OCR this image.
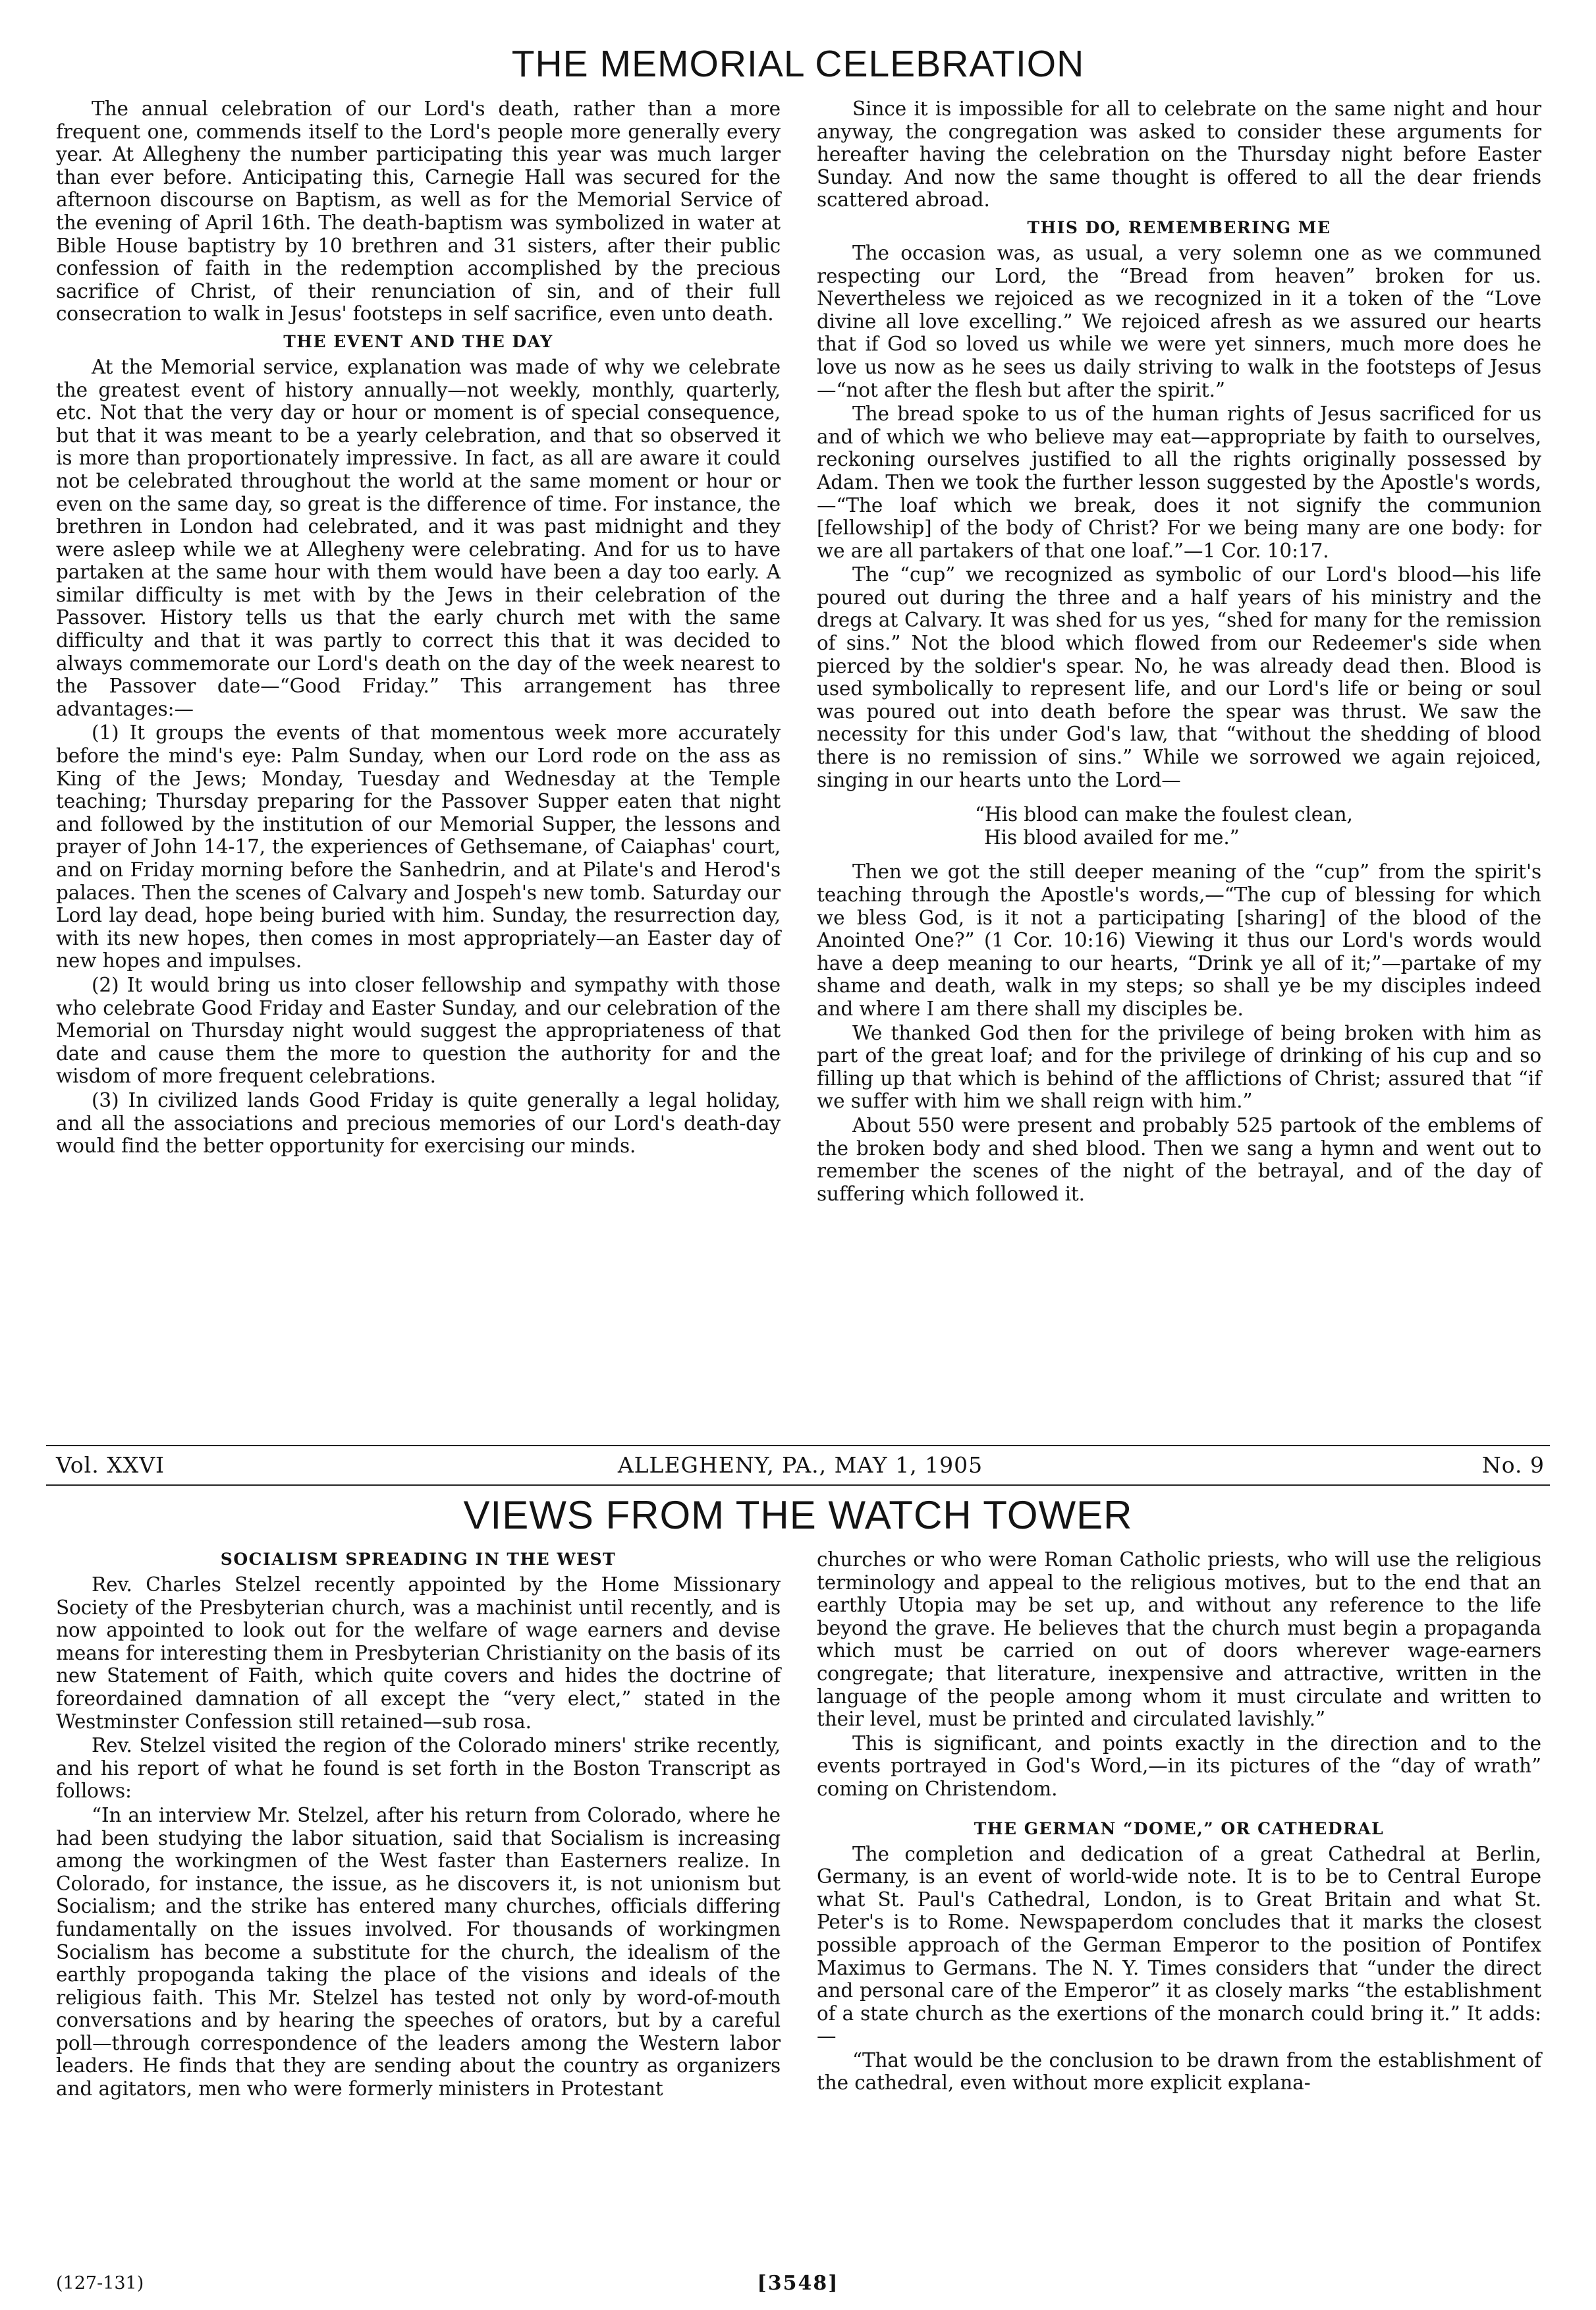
THE MEMORIAL CELEBRATION

The annual celebration of our Lord's death, rather than a more frequent one, commends itself to the Lord's people more generally every year. At Allegheny the number participating this year was much larger than ever before. Anticipating this, Carnegie Hall was secured for the afternoon discourse on Baptism, as well as for the Memorial Service of the evening of April 16th. The death-baptism was symbolized in water at Bible House baptistry by 10 brethren and 31 sisters, after their public confession of faith in the redemption accomplished by the precious sacrifice of Christ, of their renunciation of sin, and of their full consecration to walk in Jesus' footsteps in self sacrifice, even unto death.

THE EVENT AND THE DAY

At the Memorial service, explanation was made of why we celebrate the greatest event of history annually—not weekly, monthly, quarterly, etc. Not that the very day or hour or moment is of special consequence, but that it was meant to be a yearly celebration, and that so observed it is more than proportionately impressive. In fact, as all are aware it could not be celebrated throughout the world at the same moment or hour or even on the same day, so great is the difference of time. For instance, the brethren in London had celebrated, and it was past midnight and they were asleep while we at Allegheny were celebrating. And for us to have partaken at the same hour with them would have been a day too early. A similar difficulty is met with by the Jews in their celebration of the Passover. History tells us that the early church met with the same difficulty and that it was partly to correct this that it was decided to always commemorate our Lord's death on the day of the week nearest to the Passover date—“Good Friday.” This arrangement has three advantages:—

(1) It groups the events of that momentous week more accurately before the mind's eye: Palm Sunday, when our Lord rode on the ass as King of the Jews; Monday, Tuesday and Wednesday at the Temple teaching; Thursday preparing for the Passover Supper eaten that night and followed by the institution of our Memorial Supper, the lessons and prayer of John 14-17, the experiences of Gethsemane, of Caiaphas' court, and on Friday morning before the Sanhedrin, and at Pilate's and Herod's palaces. Then the scenes of Calvary and Jospeh's new tomb. Saturday our Lord lay dead, hope being buried with him. Sunday, the resurrection day, with its new hopes, then comes in most appropriately—an Easter day of new hopes and impulses.

(2) It would bring us into closer fellowship and sympathy with those who celebrate Good Friday and Easter Sunday, and our celebration of the Memorial on Thursday night would suggest the appropriateness of that date and cause them the more to question the authority for and the wisdom of more frequent celebrations.

(3) In civilized lands Good Friday is quite generally a legal holiday, and all the associations and precious memories of our Lord's death-day would find the better opportunity for exercising our minds.

Since it is impossible for all to celebrate on the same night and hour anyway, the congregation was asked to consider these arguments for hereafter having the celebration on the Thursday night before Easter Sunday. And now the same thought is offered to all the dear friends scattered abroad.

THIS DO, REMEMBERING ME

The occasion was, as usual, a very solemn one as we communed respecting our Lord, the “Bread from heaven” broken for us. Nevertheless we rejoiced as we recognized in it a token of the “Love divine all love excelling.” We rejoiced afresh as we assured our hearts that if God so loved us while we were yet sinners, much more does he love us now as he sees us daily striving to walk in the footsteps of Jesus—“not after the flesh but after the spirit.”

The bread spoke to us of the human rights of Jesus sacrificed for us and of which we who believe may eat—appropriate by faith to ourselves, reckoning ourselves justified to all the rights originally possessed by Adam. Then we took the further lesson suggested by the Apostle's words,—“The loaf which we break, does it not signify the communion [fellowship] of the body of Christ? For we being many are one body: for we are all partakers of that one loaf.”—1 Cor. 10:17.

The “cup” we recognized as symbolic of our Lord's blood—his life poured out during the three and a half years of his ministry and the dregs at Calvary. It was shed for us yes, “shed for many for the remission of sins.” Not the blood which flowed from our Redeemer's side when pierced by the soldier's spear. No, he was already dead then. Blood is used symbolically to represent life, and our Lord's life or being or soul was poured out into death before the spear was thrust. We saw the necessity for this under God's law, that “without the shedding of blood there is no remission of sins.” While we sorrowed we again rejoiced, singing in our hearts unto the Lord—

“His blood can make the foulest clean,
His blood availed for me.”

Then we got the still deeper meaning of the “cup” from the spirit's teaching through the Apostle's words,—“The cup of blessing for which we bless God, is it not a participating [sharing] of the blood of the Anointed One?” (1 Cor. 10:16) Viewing it thus our Lord's words would have a deep meaning to our hearts, “Drink ye all of it;”—partake of my shame and death, walk in my steps; so shall ye be my disciples indeed and where I am there shall my disciples be.

We thanked God then for the privilege of being broken with him as part of the great loaf; and for the privilege of drinking of his cup and so filling up that which is behind of the afflictions of Christ; assured that “if we suffer with him we shall reign with him.”

About 550 were present and probably 525 partook of the emblems of the broken body and shed blood. Then we sang a hymn and went out to remember the scenes of the night of the betrayal, and of the day of suffering which followed it.

ALLEGHENY, PA., MAY 1, 1905
Vol. XXVI	No. 9
VIEWS FROM THE WATCH TOWER
SOCIALISM SPREADING IN THE WEST

Rev. Charles Stelzel recently appointed by the Home Missionary Society of the Presbyterian church, was a machinist until recently, and is now appointed to look out for the welfare of wage earners and devise means for interesting them in Presbyterian Christianity on the basis of its new Statement of Faith, which quite covers and hides the doctrine of foreordained damnation of all except the “very elect,” stated in the Westminster Confession still retained—sub rosa.

Rev. Stelzel visited the region of the Colorado miners' strike recently, and his report of what he found is set forth in the Boston Transcript as follows:

“In an interview Mr. Stelzel, after his return from Colorado, where he had been studying the labor situation, said that Socialism is increasing among the workingmen of the West faster than Easterners realize. In Colorado, for instance, the issue, as he discovers it, is not unionism but Socialism; and the strike has entered many churches, officials differing fundamentally on the issues involved. For thousands of workingmen Socialism has become a substitute for the church, the idealism of the earthly propoganda taking the place of the visions and ideals of the religious faith. This Mr. Stelzel has tested not only by word-of-mouth conversations and by hearing the speeches of orators, but by a careful poll—through correspondence of the leaders among the Western labor leaders. He finds that they are sending about the country as organizers and agitators, men who were formerly ministers in Protestant

churches or who were Roman Catholic priests, who will use the religious terminology and appeal to the religious motives, but to the end that an earthly Utopia may be set up, and without any reference to the life beyond the grave. He believes that the church must begin a propaganda which must be carried on out of doors wherever wage-earners congregate; that literature, inexpensive and attractive, written in the language of the people among whom it must circulate and written to their level, must be printed and circulated lavishly.”

This is significant, and points exactly in the direction and to the events portrayed in God's Word,—in its pictures of the “day of wrath” coming on Christendom.

THE GERMAN “DOME,” OR CATHEDRAL

The completion and dedication of a great Cathedral at Berlin, Germany, is an event of world-wide note. It is to be to Central Europe what St. Paul's Cathedral, London, is to Great Britain and what St. Peter's is to Rome. Newspaperdom concludes that it marks the closest possible approach of the German Emperor to the position of Pontifex Maximus to Germans. The N. Y. Times considers that “under the direct and personal care of the Emperor” it as closely marks “the establishment of a state church as the exertions of the monarch could bring it.” It adds:—

“That would be the conclusion to be drawn from the establishment of the cathedral, even without more explicit explana-

(127-131)	[3548]
